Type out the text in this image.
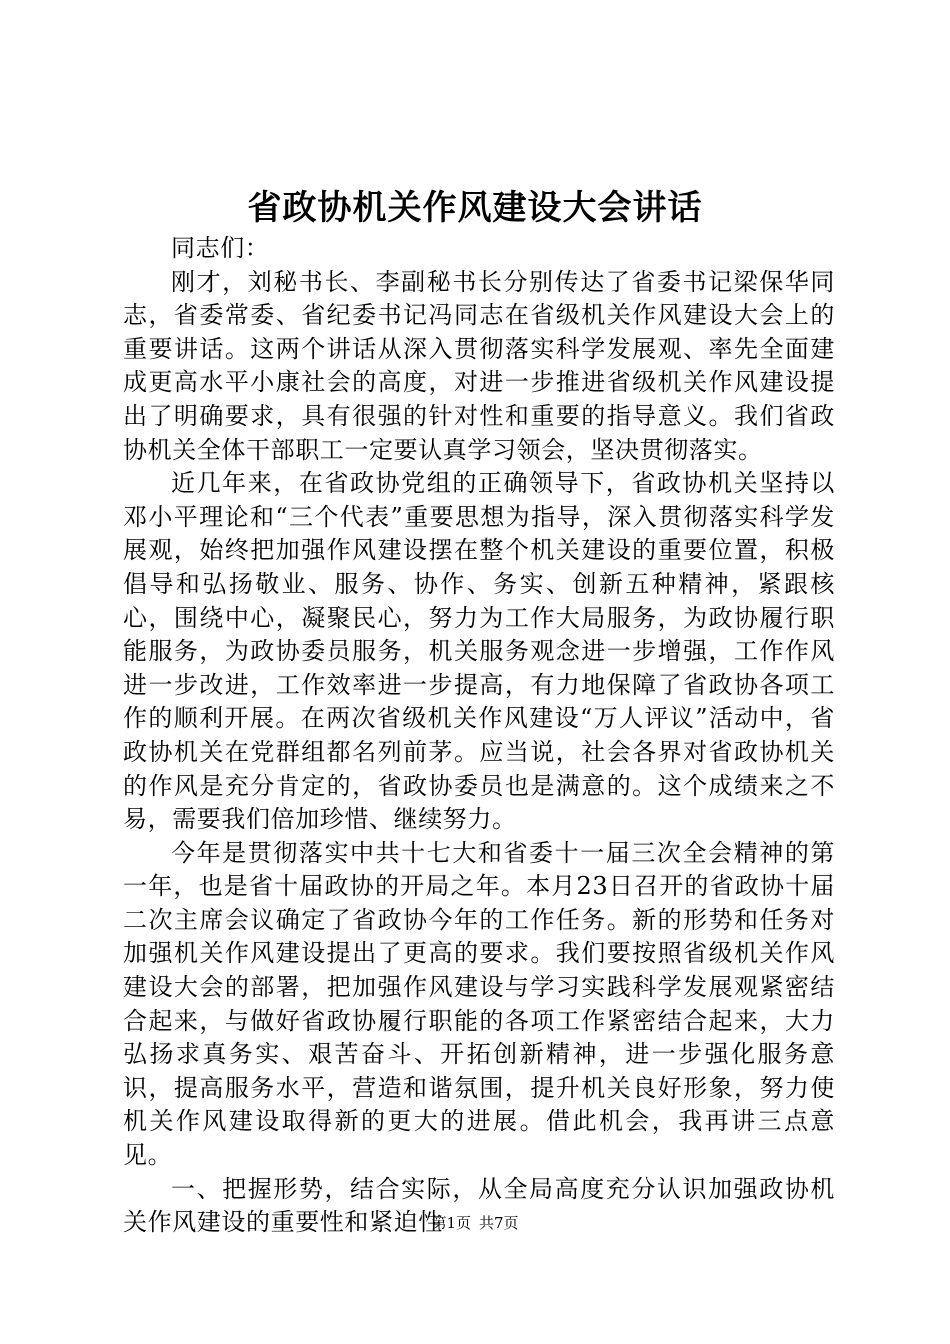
省政协机关作风建设大会讲话

同志们：

刚才，刘秘书长、李副秘书长分别传达了省委书记梁保华同志，省委常委、省纪委书记冯同志在省级机关作风建设大会上的重要讲话。这两个讲话从深入贯彻落实科学发展观、率先全面建成更高水平小康社会的高度，对进一步推进省级机关作风建设提出了明确要求，具有很强的针对性和重要的指导意义。我们省政协机关全体干部职工一定要认真学习领会，坚决贯彻落实。

近几年来，在省政协党组的正确领导下，省政协机关坚持以邓小平理论和“三个代表”重要思想为指导，深入贯彻落实科学发展观，始终把加强作风建设摆在整个机关建设的重要位置，积极倡导和弘扬敬业、服务、协作、务实、创新五种精神，紧跟核心，围绕中心，凝聚民心，努力为工作大局服务，为政协履行职能服务，为政协委员服务，机关服务观念进一步增强，工作作风进一步改进，工作效率进一步提高，有力地保障了省政协各项工作的顺利开展。在两次省级机关作风建设“万人评议”活动中，省政协机关在党群组都名列前茅。应当说，社会各界对省政协机关的作风是充分肯定的，省政协委员也是满意的。这个成绩来之不易，需要我们倍加珍惜、继续努力。

今年是贯彻落实中共十七大和省委十一届三次全会精神的第一年，也是省十届政协的开局之年。本月23日召开的省政协十届二次主席会议确定了省政协今年的工作任务。新的形势和任务对加强机关作风建设提出了更高的要求。我们要按照省级机关作风建设大会的部署，把加强作风建设与学习实践科学发展观紧密结合起来，与做好省政协履行职能的各项工作紧密结合起来，大力弘扬求真务实、艰苦奋斗、开拓创新精神，进一步强化服务意识，提高服务水平，营造和谐氛围，提升机关良好形象，努力使机关作风建设取得新的更大的进展。借此机会，我再讲三点意见。

一、把握形势，结合实际，从全局高度充分认识加强政协机关作风建设的重要性和紧迫性

第1页 共7页
